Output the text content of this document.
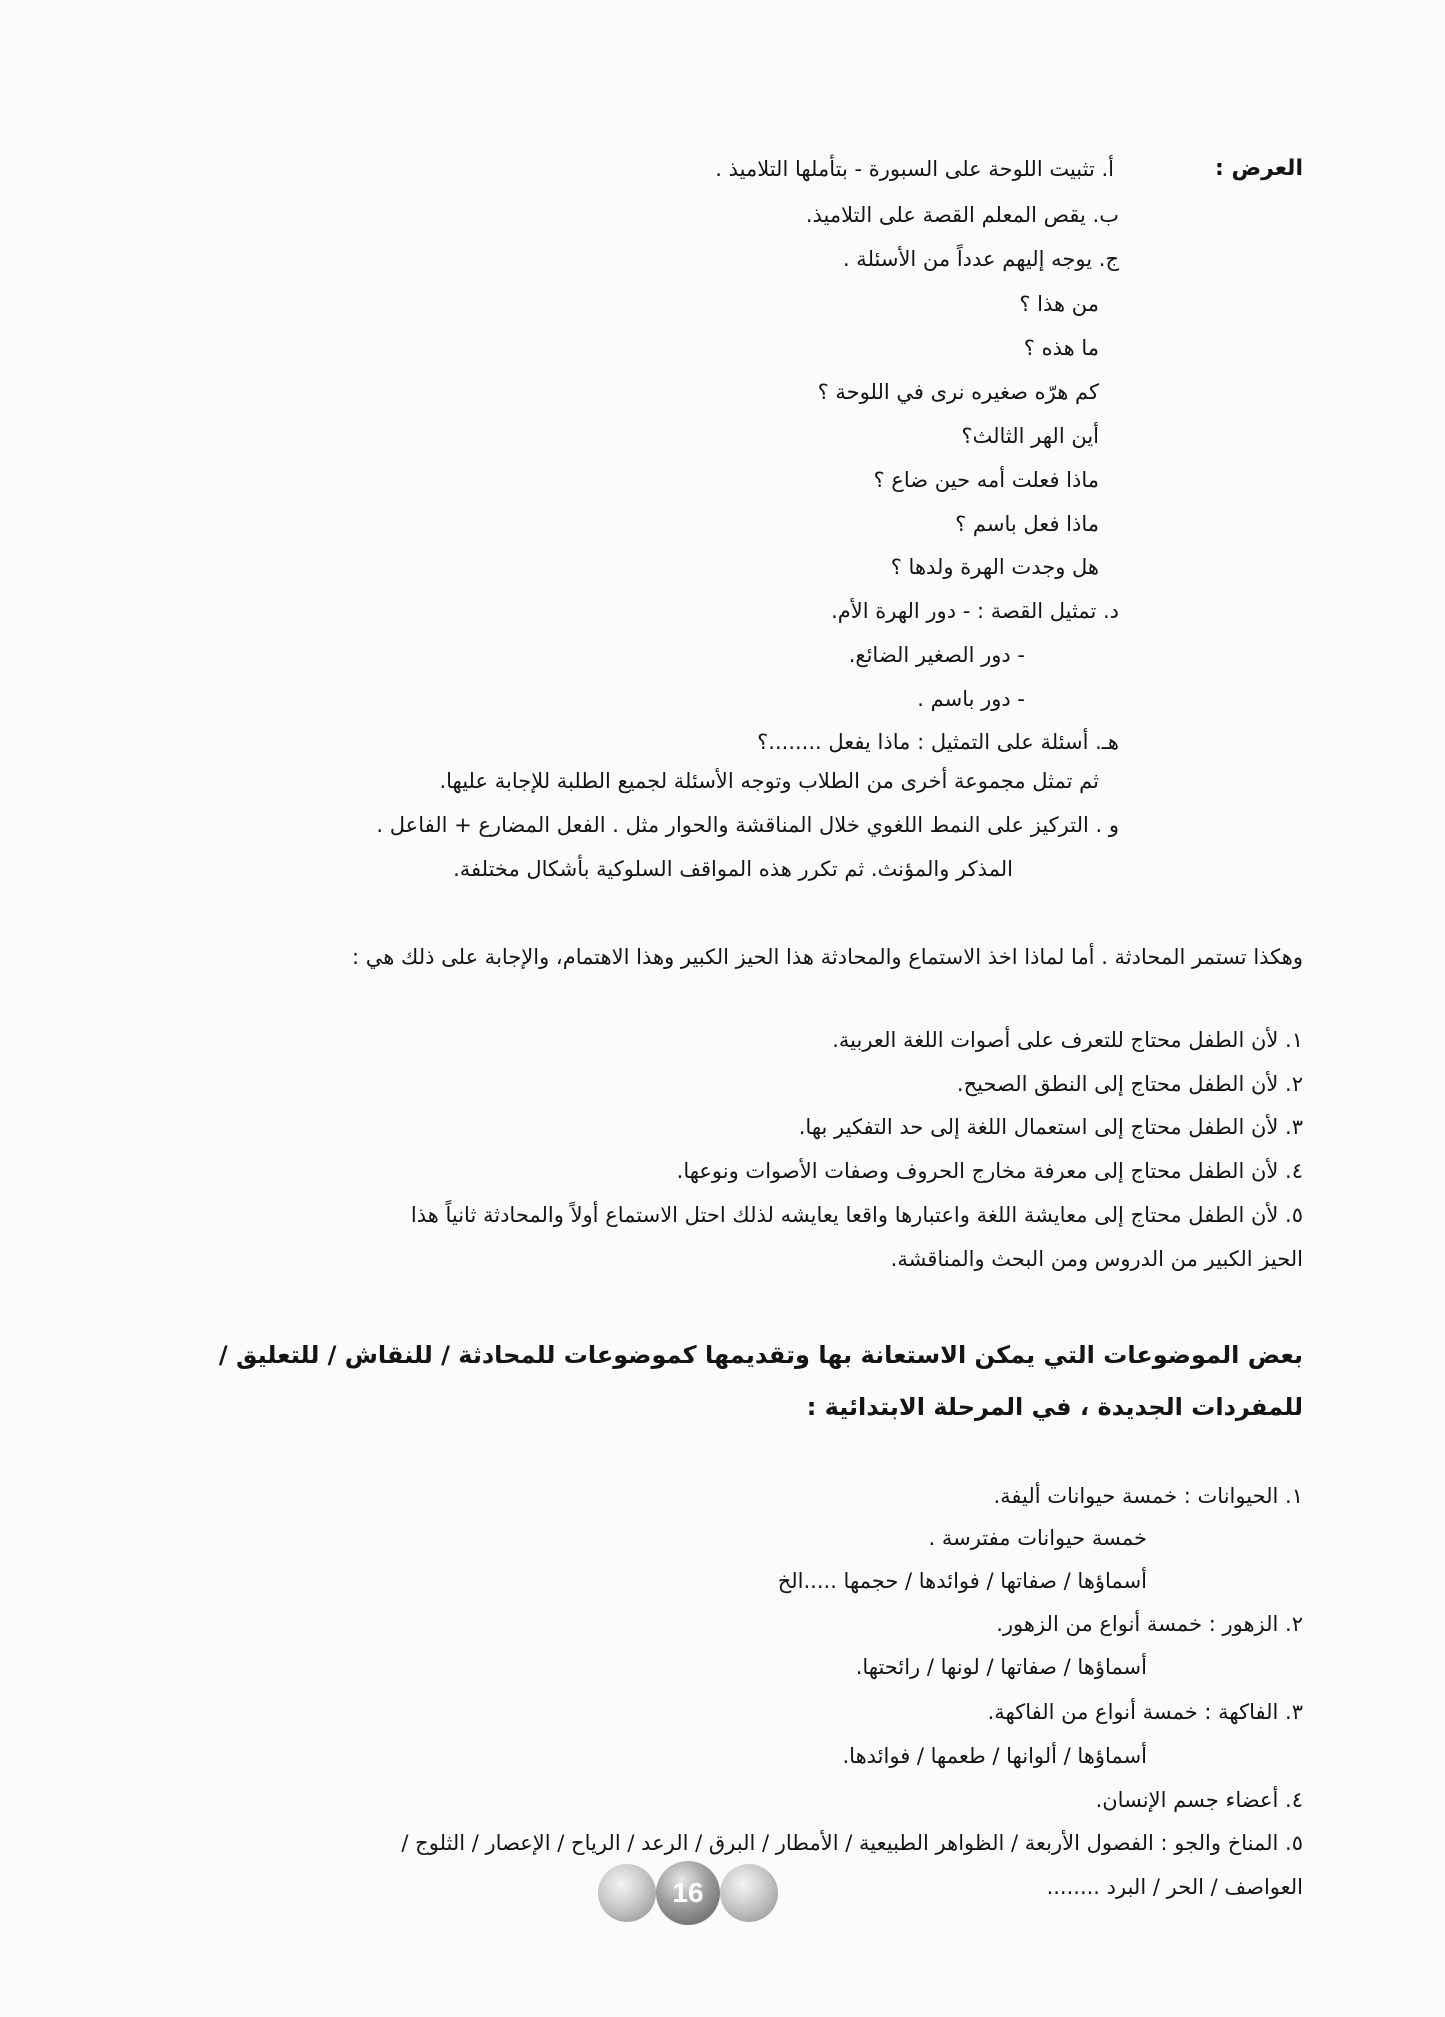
العرض :
أ. تثبيت اللوحة على السبورة - بتأملها التلاميذ .
ب. يقص المعلم القصة على التلاميذ.
ج. يوجه إليهم عدداً من الأسئلة .
من هذا ؟
ما هذه ؟
كم هرّه صغيره نرى في اللوحة ؟
أين الهر الثالث؟
ماذا فعلت أمه حين ضاع ؟
ماذا فعل باسم ؟
هل وجدت الهرة ولدها ؟
د. تمثيل القصة : - دور الهرة الأم.
- دور الصغير الضائع.
- دور باسم .
هـ. أسئلة على التمثيل : ماذا يفعل ........؟
ثم تمثل مجموعة أخرى من الطلاب وتوجه الأسئلة لجميع الطلبة للإجابة عليها.
و . التركيز على النمط اللغوي خلال المناقشة والحوار مثل . الفعل المضارع + الفاعل .
المذكر والمؤنث. ثم تكرر هذه المواقف السلوكية بأشكال مختلفة.
وهكذا تستمر المحادثة . أما لماذا اخذ الاستماع والمحادثة هذا الحيز الكبير وهذا الاهتمام، والإجابة على ذلك هي :
١. لأن الطفل محتاج للتعرف على أصوات اللغة العربية.
٢. لأن الطفل محتاج إلى النطق الصحيح.
٣. لأن الطفل محتاج إلى استعمال اللغة إلى حد التفكير بها.
٤. لأن الطفل محتاج إلى معرفة مخارج الحروف وصفات الأصوات ونوعها.
٥. لأن الطفل محتاج إلى معايشة اللغة واعتبارها واقعا يعايشه لذلك احتل الاستماع أولاً والمحادثة ثانياً هذا
الحيز الكبير من الدروس ومن البحث والمناقشة.
بعض الموضوعات التي يمكن الاستعانة بها وتقديمها كموضوعات للمحادثة / للنقاش / للتعليق /
للمفردات الجديدة ، في المرحلة الابتدائية :
١. الحيوانات : خمسة حيوانات أليفة.
خمسة حيوانات مفترسة .
أسماؤها / صفاتها / فوائدها / حجمها .....الخ
٢. الزهور : خمسة أنواع من الزهور.
أسماؤها / صفاتها / لونها / رائحتها.
٣. الفاكهة : خمسة أنواع من الفاكهة.
أسماؤها / ألوانها / طعمها / فوائدها.
٤. أعضاء جسم الإنسان.
٥. المناخ والجو : الفصول الأربعة / الظواهر الطبيعية / الأمطار / البرق / الرعد / الرياح / الإعصار / الثلوج /
العواصف / الحر / البرد ........
16
